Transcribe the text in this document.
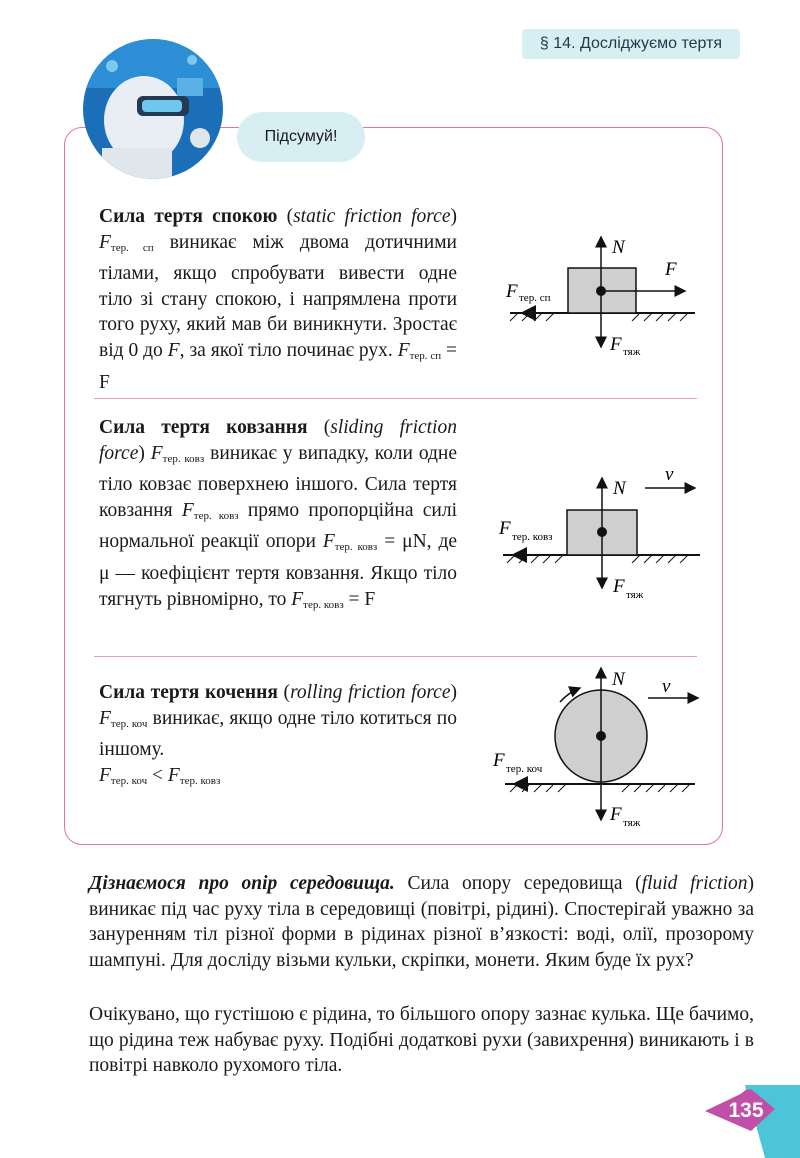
§ 14. Досліджуємо тертя
Підсумуй!
Сила тертя спокою (static friction force) $F_{тер. сп}$ виникає між двома дотичними тілами, якщо спробувати вивести одне тіло зі стану спокою, і напрямлена проти того руху, який мав би виникнути. Зростає від 0 до F, за якої тіло починає рух. $F_{тер. сп} = F$
N
F
F тер. сп
F тяж
Сила тертя ковзання (sliding friction force) $F_{тер. ковз}$ виникає у випадку, коли одне тіло ковзає поверхнею іншого. Сила тертя ковзання $F_{тер. ковз}$ прямо пропорційна силі нормальної реакції опори $F_{тер. ковз} = \mu N$, де μ — коефіцієнт тертя ковзання. Якщо тіло тягнуть рівномірно, то $F_{тер. ковз} = F$
N
v
F тер. ковз
F тяж
Сила тертя кочення (rolling friction force) $F_{тер. коч}$ виникає, якщо одне тіло котиться по іншому.
$F_{тер. коч} < F_{тер. ковз}$
N v
F тер. коч
F тяж
Дізнаємося про опір середовища. Сила опору середовища (fluid friction) виникає під час руху тіла в середовищі (повітрі, рідині). Спостерігай уважно за зануренням тіл різної форми в рідинах різної в’язкості: воді, олії, прозорому шампуні. Для досліду візьми кульки, скріпки, монети. Яким буде їх рух?
Очікувано, що густішою є рідина, то більшого опору зазнає кулька. Ще бачимо, що рідина теж набуває руху. Подібні додаткові рухи (завихрення) виникають і в повітрі навколо рухомого тіла.
135
